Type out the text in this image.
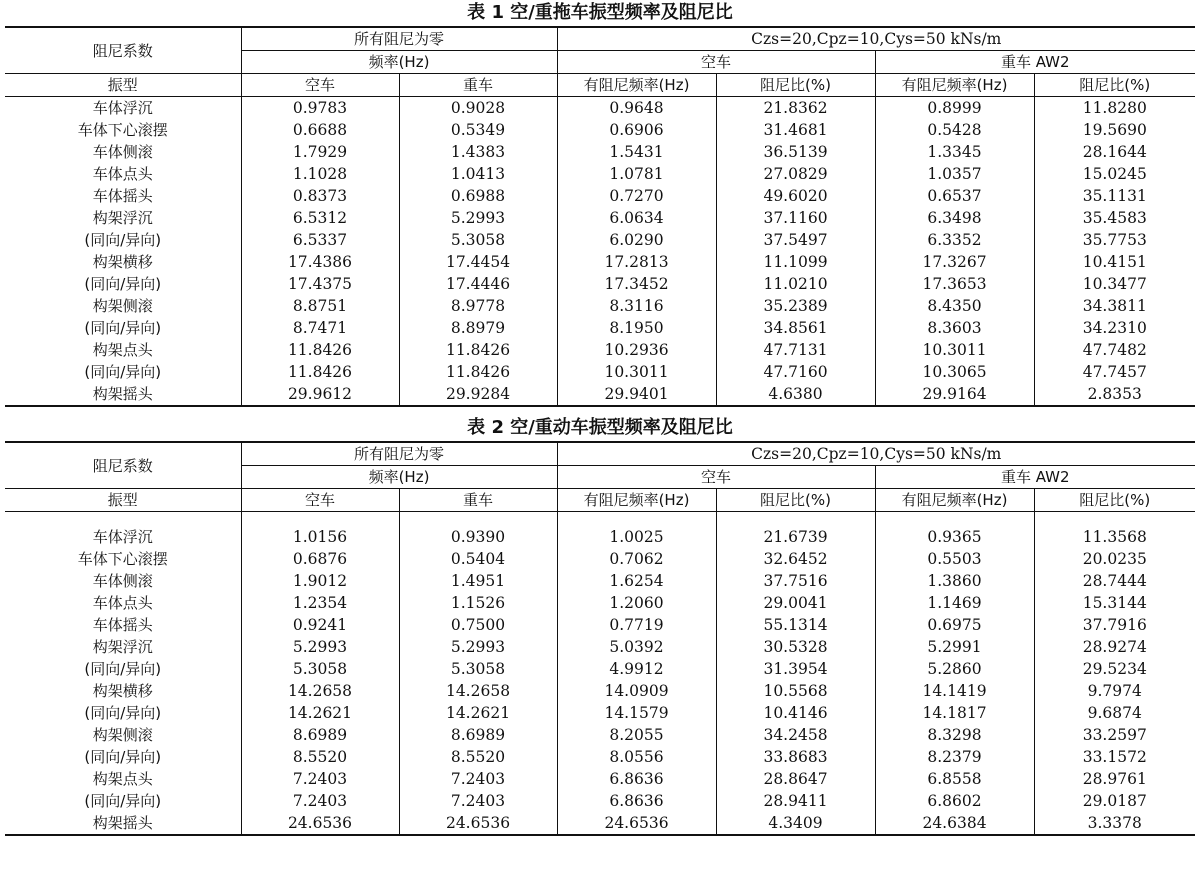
表 1 空/重拖车振型频率及阻尼比
阻尼系数	所有阻尼为零		Czs=20,Cpz=10,Cys=50 kNs/m			
	频率(Hz)		空车		重车 AW2	
振型	空车	重车	有阻尼频率(Hz)	阻尼比(%)	有阻尼频率(Hz)	阻尼比(%)
车体浮沉	0.9783	0.9028	0.9648	21.8362	0.8999	11.8280
车体下心滚摆	0.6688	0.5349	0.6906	31.4681	0.5428	19.5690
车体侧滚	1.7929	1.4383	1.5431	36.5139	1.3345	28.1644
车体点头	1.1028	1.0413	1.0781	27.0829	1.0357	15.0245
车体摇头	0.8373	0.6988	0.7270	49.6020	0.6537	35.1131
构架浮沉	6.5312	5.2993	6.0634	37.1160	6.3498	35.4583
(同向/异向)	6.5337	5.3058	6.0290	37.5497	6.3352	35.7753
构架横移	17.4386	17.4454	17.2813	11.1099	17.3267	10.4151
(同向/异向)	17.4375	17.4446	17.3452	11.0210	17.3653	10.3477
构架侧滚	8.8751	8.9778	8.3116	35.2389	8.4350	34.3811
(同向/异向)	8.7471	8.8979	8.1950	34.8561	8.3603	34.2310
构架点头	11.8426	11.8426	10.2936	47.7131	10.3011	47.7482
(同向/异向)	11.8426	11.8426	10.3011	47.7160	10.3065	47.7457
构架摇头	29.9612	29.9284	29.9401	4.6380	29.9164	2.8353
表 2 空/重动车振型频率及阻尼比
阻尼系数	所有阻尼为零		Czs=20,Cpz=10,Cys=50 kNs/m			
	频率(Hz)		空车		重车 AW2	
振型	空车	重车	有阻尼频率(Hz)	阻尼比(%)	有阻尼频率(Hz)	阻尼比(%)

车体浮沉	1.0156	0.9390	1.0025	21.6739	0.9365	11.3568
车体下心滚摆	0.6876	0.5404	0.7062	32.6452	0.5503	20.0235
车体侧滚	1.9012	1.4951	1.6254	37.7516	1.3860	28.7444
车体点头	1.2354	1.1526	1.2060	29.0041	1.1469	15.3144
车体摇头	0.9241	0.7500	0.7719	55.1314	0.6975	37.7916
构架浮沉	5.2993	5.2993	5.0392	30.5328	5.2991	28.9274
(同向/异向)	5.3058	5.3058	4.9912	31.3954	5.2860	29.5234
构架横移	14.2658	14.2658	14.0909	10.5568	14.1419	9.7974
(同向/异向)	14.2621	14.2621	14.1579	10.4146	14.1817	9.6874
构架侧滚	8.6989	8.6989	8.2055	34.2458	8.3298	33.2597
(同向/异向)	8.5520	8.5520	8.0556	33.8683	8.2379	33.1572
构架点头	7.2403	7.2403	6.8636	28.8647	6.8558	28.9761
(同向/异向)	7.2403	7.2403	6.8636	28.9411	6.8602	29.0187
构架摇头	24.6536	24.6536	24.6536	4.3409	24.6384	3.3378
